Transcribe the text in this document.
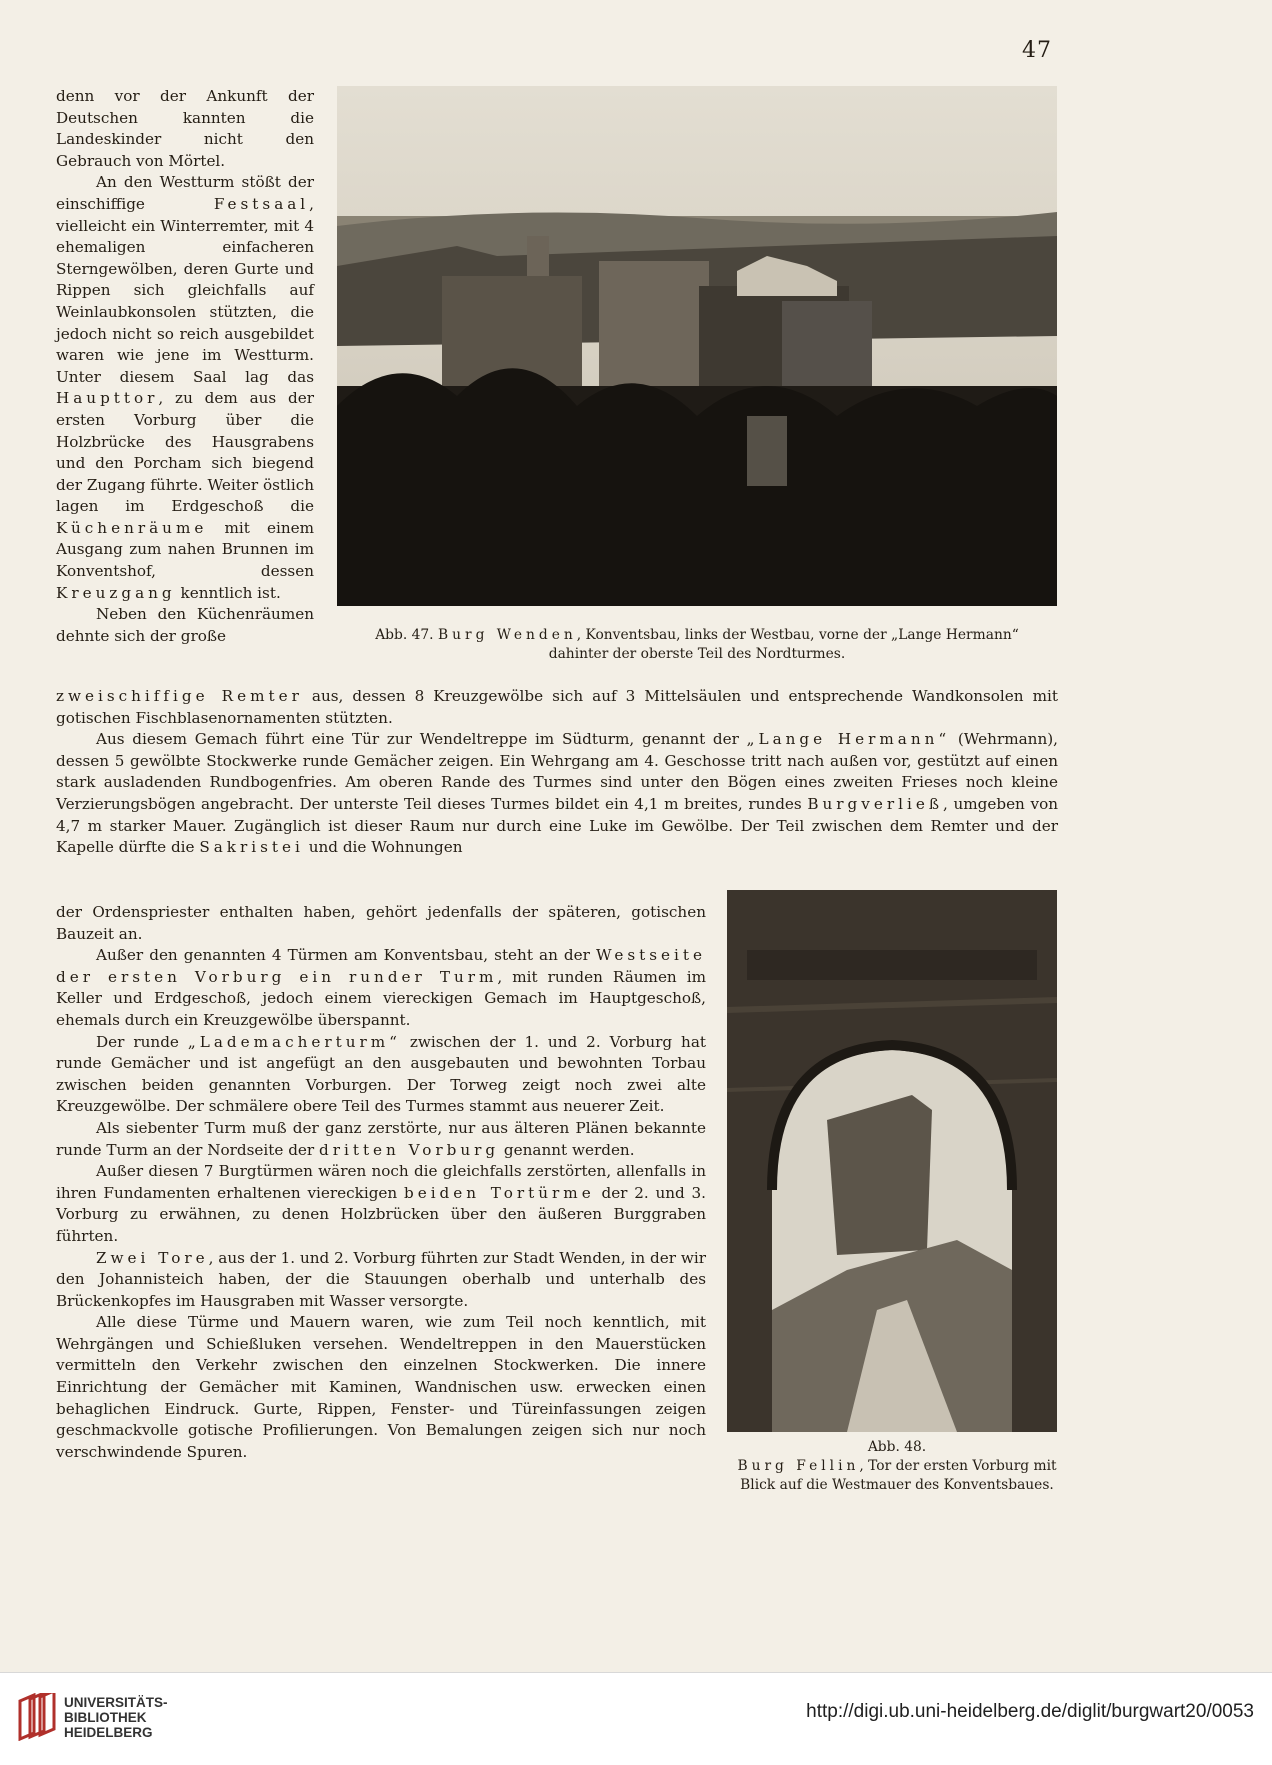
47

denn vor der Ankunft der Deutschen kannten die Landeskinder nicht den Gebrauch von Mörtel.

An den Westturm stößt der einschiffige Festsaal, vielleicht ein Winterremter, mit 4 ehemaligen einfacheren Sterngewölben, deren Gurte und Rippen sich gleichfalls auf Weinlaubkonsolen stützten, die jedoch nicht so reich ausgebildet waren wie jene im Westturm. Unter diesem Saal lag das Haupttor, zu dem aus der ersten Vorburg über die Holzbrücke des Hausgrabens und den Porcham sich biegend der Zugang führte. Weiter östlich lagen im Erdgeschoß die Küchenräume mit einem Ausgang zum nahen Brunnen im Konventshof, dessen Kreuzgang kenntlich ist.

Neben den Küchenräumen dehnte sich der große	Abb. 47. Burg Wenden, Konventsbau, links der Westbau, vorne der „Lange Hermann“
dahinter der oberste Teil des Nordturmes.

zweischiffige Remter aus, dessen 8 Kreuzgewölbe sich auf 3 Mittelsäulen und entsprechende Wandkonsolen mit gotischen Fischblasenornamenten stützten.

Aus diesem Gemach führt eine Tür zur Wendeltreppe im Südturm, genannt der „Lange Hermann“ (Wehrmann), dessen 5 gewölbte Stockwerke runde Gemächer zeigen. Ein Wehrgang am 4. Geschosse tritt nach außen vor, gestützt auf einen stark ausladenden Rundbogenfries. Am oberen Rande des Turmes sind unter den Bögen eines zweiten Frieses noch kleine Verzierungsbögen angebracht. Der unterste Teil dieses Turmes bildet ein 4,1 m breites, rundes Burgverließ, umgeben von 4,7 m starker Mauer. Zugänglich ist dieser Raum nur durch eine Luke im Gewölbe. Der Teil zwischen dem Remter und der Kapelle dürfte die Sakristei und die Wohnungen

der Ordenspriester enthalten haben, gehört jedenfalls der späteren, gotischen Bauzeit an.

Außer den genannten 4 Türmen am Konventsbau, steht an der Westseite der ersten Vorburg ein runder Turm, mit runden Räumen im Keller und Erdgeschoß, jedoch einem viereckigen Gemach im Hauptgeschoß, ehemals durch ein Kreuzgewölbe überspannt.

Der runde „Lademacherturm“ zwischen der 1. und 2. Vorburg hat runde Gemächer und ist angefügt an den ausgebauten und bewohnten Torbau zwischen beiden genannten Vorburgen. Der Torweg zeigt noch zwei alte Kreuzgewölbe. Der schmälere obere Teil des Turmes stammt aus neuerer Zeit.

Als siebenter Turm muß der ganz zerstörte, nur aus älteren Plänen bekannte runde Turm an der Nordseite der dritten Vorburg genannt werden.

Außer diesen 7 Burgtürmen wären noch die gleichfalls zerstörten, allenfalls in ihren Fundamenten erhaltenen viereckigen beiden Tortürme der 2. und 3. Vorburg zu erwähnen, zu denen Holzbrücken über den äußeren Burggraben führten.

Zwei Tore, aus der 1. und 2. Vorburg führten zur Stadt Wenden, in der wir den Johannisteich haben, der die Stauungen oberhalb und unterhalb des Brückenkopfes im Hausgraben mit Wasser versorgte.

Alle diese Türme und Mauern waren, wie zum Teil noch kenntlich, mit Wehrgängen und Schießluken versehen. Wendeltreppen in den Mauerstücken vermitteln den Verkehr zwischen den einzelnen Stockwerken. Die innere Einrichtung der Gemächer mit Kaminen, Wandnischen usw. erwecken einen behaglichen Eindruck. Gurte, Rippen, Fenster- und Türeinfassungen zeigen geschmackvolle gotische Profilierungen. Von Bemalungen zeigen sich nur noch verschwindende Spuren.	Abb. 48.
Burg Fellin, Tor der ersten Vorburg mit Blick auf die Westmauer des Konventsbaues.
UNIVERSITÄTS-
BIBLIOTHEK
HEIDELBERG
http://digi.ub.uni-heidelberg.de/diglit/burgwart20/0053
